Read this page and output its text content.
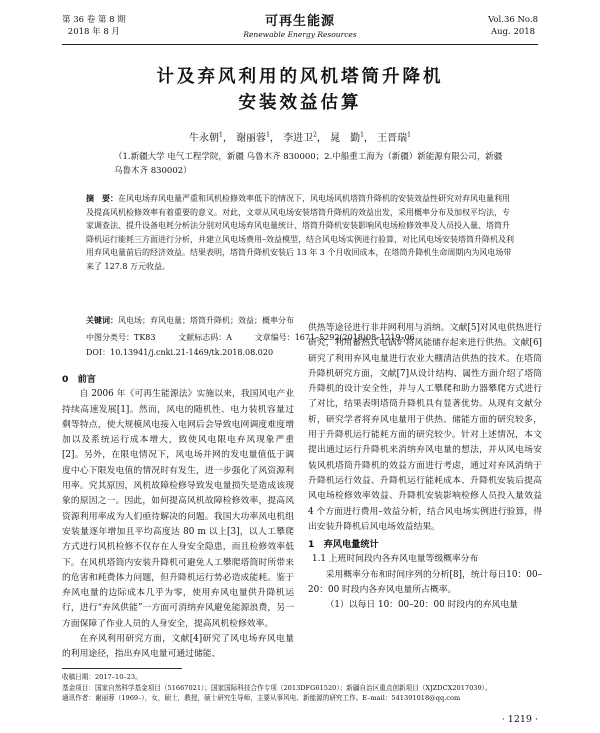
第 36 卷 第 8 期
2018 年 8 月
可再生能源
Renewable Energy Resources
Vol.36 No.8
Aug. 2018
计及弃风利用的风机塔筒升降机
安装效益估算
牛永朝$^1$， 谢丽蓉$^1$， 李进卫$^2$， 晁　勤$^1$， 王晋瑞$^1$
（1.新疆大学 电气工程学院，新疆 乌鲁木齐 830000；2.中船重工海为（新疆）新能源有限公司，新疆 乌鲁木齐 830002）
摘　要：在风电场弃风电量严重和风机检修效率低下的情况下，风电场风机塔筒升降机的安装效益性研究对弃风电量利用及提高风机检修效率有着重要的意义。对此，文章从风电场安装塔筒升降机的效益出发，采用概率分布及加权平均法，专家调查法、提升设备电耗分析法分别对风电场弃风电量统计、塔筒升降机安装影响风电场检修效率及人员投入量、塔筒升降机运行能耗三方面进行分析，并建立风电场费用–效益模型，结合风电场实例进行验算，对比风电场安装塔筒升降机及利用弃风电量前后的经济效益。结果表明，塔筒升降机安装后 13 年 3 个月收回成本，在塔筒升降机生命周期内为风电场带来了 127.8 万元收益。
关键词：风电场；弃风电量；塔筒升降机；效益；概率分布
中图分类号：TK83	文献标志码：A	文章编号：1671–5292(2018)08–1219–06
DOI：10.13941/j.cnki.21-1469/tk.2018.08.020
0　前言

自 2006 年《可再生能源法》实施以来，我国风电产业持续高速发展[1]。然而，风电的随机性、电力装机容量过剩等特点，使大规模风电接入电网后会导致电网调度难度增加以及系统运行成本增大，致使风电限电弃风现象严重[2]。另外，在限电情况下，风电场并网的发电量值低于调度中心下限发电值的情况时有发生，进一步强化了风资源利用率。究其原因，风机故障检修导致发电量损失是造成该现象的原因之一。因此，如何提高风机故障检修效率，提高风资源利用率成为人们亟待解决的问题。我国大功率风电机组安装量逐年增加且平均高度达 80 m 以上[3]，以人工攀爬方式进行风机检修不仅存在人身安全隐患，而且检修效率低下。在风机塔筒内安装升降机可避免人工攀爬塔筒时所带来的危害和耗费体力问题，但升降机运行势必造成能耗。鉴于弃风电量的边际成本几乎为零，使用弃风电量供升降机运行，进行“弃风供能”一方面可消纳弃风避免能源浪费，另一方面保障了作业人员的人身安全，提高风机检修效率。

在弃风利用研究方面，文献[4]研究了风电场弃风电量的利用途径，指出弃风电量可通过储能、

供热等途径进行非并网利用与消纳。文献[5]对风电供热进行研究，利用蓄热式电锅炉将风能储存起来进行供热。文献[6]研究了利用弃风电量进行农业大棚清洁供热的技术。在塔筒升降机研究方面，文献[7]从设计结构、属性方面介绍了塔筒升降机的设计安全性，并与人工攀爬和助力器攀爬方式进行了对比，结果表明塔筒升降机具有显著优势。从现有文献分析，研究学者将弃风电量用于供热、储能方面的研究较多，用于升降机运行能耗方面的研究较少。针对上述情况，本文提出通过运行升降机来消纳弃风电量的想法，并从风电场安装风机塔筒升降机的效益方面进行考虑，通过对弃风消纳于升降机运行效益、升降机运行能耗成本、升降机安装后提高风电场检修效率效益、升降机安装影响检修人员投入量效益 4 个方面进行费用–效益分析，结合风电场实例进行验算，得出安装升降机后风电场效益结果。

1　弃风电量统计
1.1 上班时间段内各弃风电量等级概率分布

采用概率分布和时间序列的分析[8]，统计每日10：00–20：00 时段内各弃风电量所占概率。

（1）以每日 10：00–20：00 时段内的弃风电量

收稿日期：2017–10–23。
基金项目：国家自然科学基金项目（51667021）；国家国际科技合作专项（2013DFG61520）；新疆自治区重点创新项目（XJZDCX2017039）。
通讯作者：谢丽蓉（1969–），女，硕士，教授，硕士研究生导师，主要从事风电、新能源的研究工作。E–mail：541391018@qq.com
· 1219 ·
